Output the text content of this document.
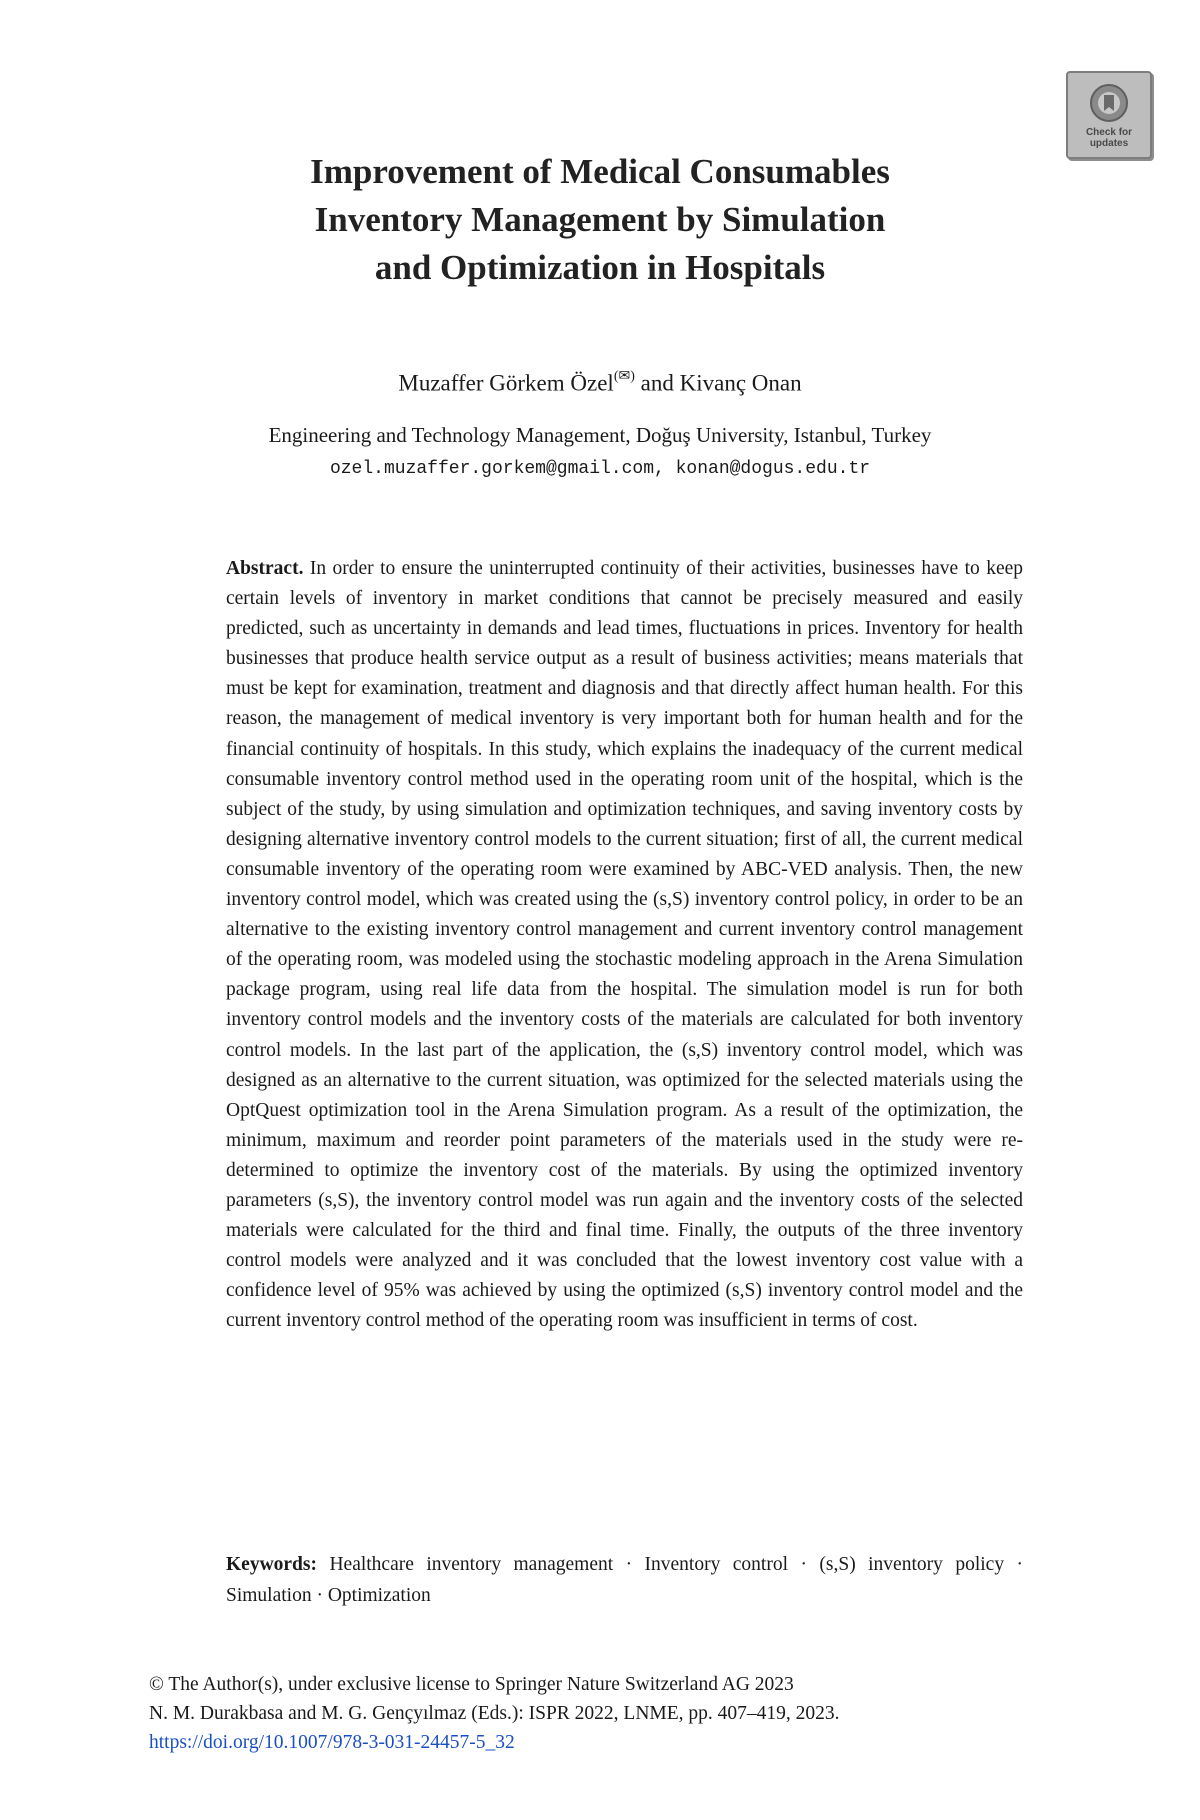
Check for
updates
Improvement of Medical Consumables
Inventory Management by Simulation
and Optimization in Hospitals
Muzaffer Görkem Özel(✉) and Kivanç Onan
Engineering and Technology Management, Doğuş University, Istanbul, Turkey
ozel.muzaffer.gorkem@gmail.com, konan@dogus.edu.tr

Abstract. In order to ensure the uninterrupted continuity of their activities, businesses have to keep certain levels of inventory in market conditions that cannot be precisely measured and easily predicted, such as uncertainty in demands and lead times, fluctuations in prices. Inventory for health businesses that produce health service output as a result of business activities; means materials that must be kept for examination, treatment and diagnosis and that directly affect human health. For this reason, the management of medical inventory is very important both for human health and for the financial continuity of hospitals. In this study, which explains the inadequacy of the current medical consumable inventory control method used in the operating room unit of the hospital, which is the subject of the study, by using simulation and optimization techniques, and saving inventory costs by designing alternative inventory control models to the current situation; first of all, the current medical consumable inventory of the operating room were examined by ABC-VED analysis. Then, the new inventory control model, which was created using the (s,S) inventory control policy, in order to be an alternative to the existing inventory control management and current inventory control management of the operating room, was modeled using the stochastic modeling approach in the Arena Simulation package program, using real life data from the hospital. The simulation model is run for both inventory control models and the inventory costs of the materials are calculated for both inventory control models. In the last part of the application, the (s,S) inventory control model, which was designed as an alternative to the current situation, was optimized for the selected materials using the OptQuest optimization tool in the Arena Simulation program. As a result of the optimization, the minimum, maximum and reorder point parameters of the materials used in the study were re-determined to optimize the inventory cost of the materials. By using the optimized inventory parameters (s,S), the inventory control model was run again and the inventory costs of the selected materials were calculated for the third and final time. Finally, the outputs of the three inventory control models were analyzed and it was concluded that the lowest inventory cost value with a confidence level of 95% was achieved by using the optimized (s,S) inventory control model and the current inventory control method of the operating room was insufficient in terms of cost.

Keywords: Healthcare inventory management · Inventory control · (s,S) inventory policy · Simulation · Optimization

© The Author(s), under exclusive license to Springer Nature Switzerland AG 2023
N. M. Durakbasa and M. G. Gençyılmaz (Eds.): ISPR 2022, LNME, pp. 407–419, 2023.
https://doi.org/10.1007/978-3-031-24457-5_32
